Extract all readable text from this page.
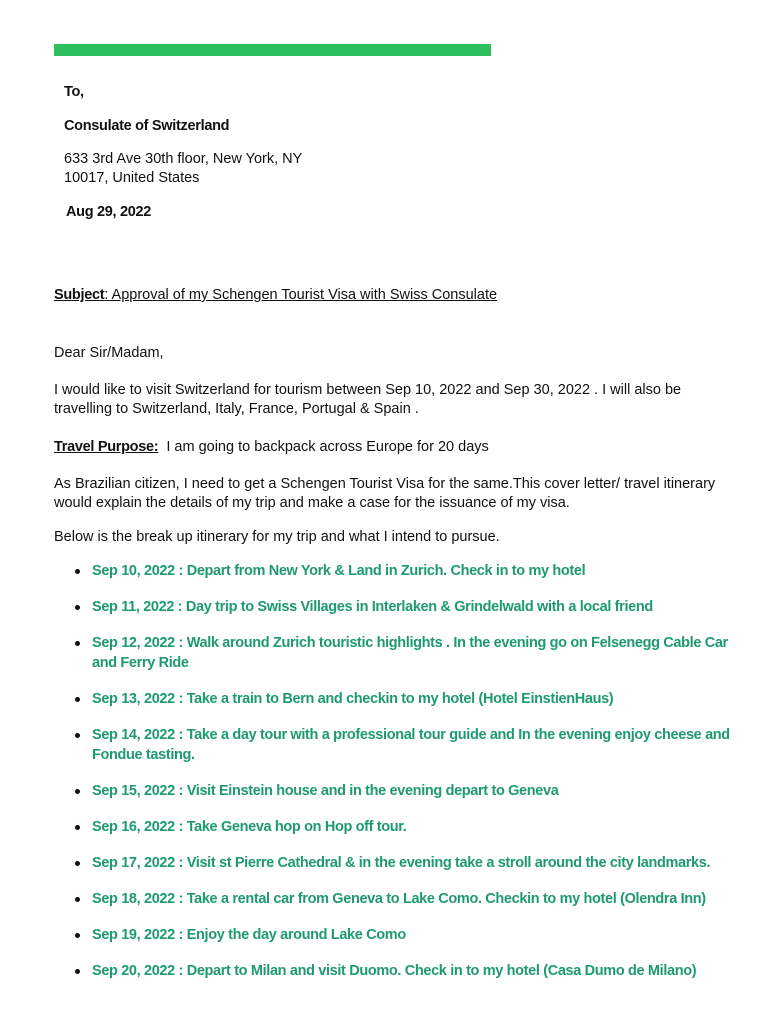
To,
Consulate of Switzerland
633 3rd Ave 30th floor, New York, NY
10017, United States
Aug 29, 2022
Subject: Approval of my Schengen Tourist Visa with Swiss Consulate
Dear Sir/Madam,
I would like to visit Switzerland for tourism between Sep 10, 2022 and Sep 30, 2022 . I will also be travelling to Switzerland, Italy, France, Portugal & Spain .
Travel Purpose:  I am going to backpack across Europe for 20 days
As Brazilian citizen, I need to get a Schengen Tourist Visa for the same.This cover letter/ travel itinerary would explain the details of my trip and make a case for the issuance of my visa.
Below is the break up itinerary for my trip and what I intend to pursue.
Sep 10, 2022 : Depart from New York & Land in Zurich. Check in to my hotel
Sep 11, 2022 : Day trip to Swiss Villages in Interlaken & Grindelwald with a local friend
Sep 12, 2022 : Walk around Zurich touristic highlights . In the evening go on Felsenegg Cable Car and Ferry Ride
Sep 13, 2022 : Take a train to Bern and checkin to my hotel (Hotel EinstienHaus)
Sep 14, 2022 : Take a day tour with a professional tour guide and In the evening enjoy cheese and Fondue tasting.
Sep 15, 2022 : Visit Einstein house and in the evening depart to Geneva
Sep 16, 2022 : Take Geneva hop on Hop off tour.
Sep 17, 2022 : Visit st Pierre Cathedral & in the evening take a stroll around the city landmarks.
Sep 18, 2022 : Take a rental car from Geneva to Lake Como. Checkin to my hotel (Olendra Inn)
Sep 19, 2022 : Enjoy the day around Lake Como
Sep 20, 2022 : Depart to Milan and visit Duomo. Check in to my hotel (Casa Dumo de Milano)
